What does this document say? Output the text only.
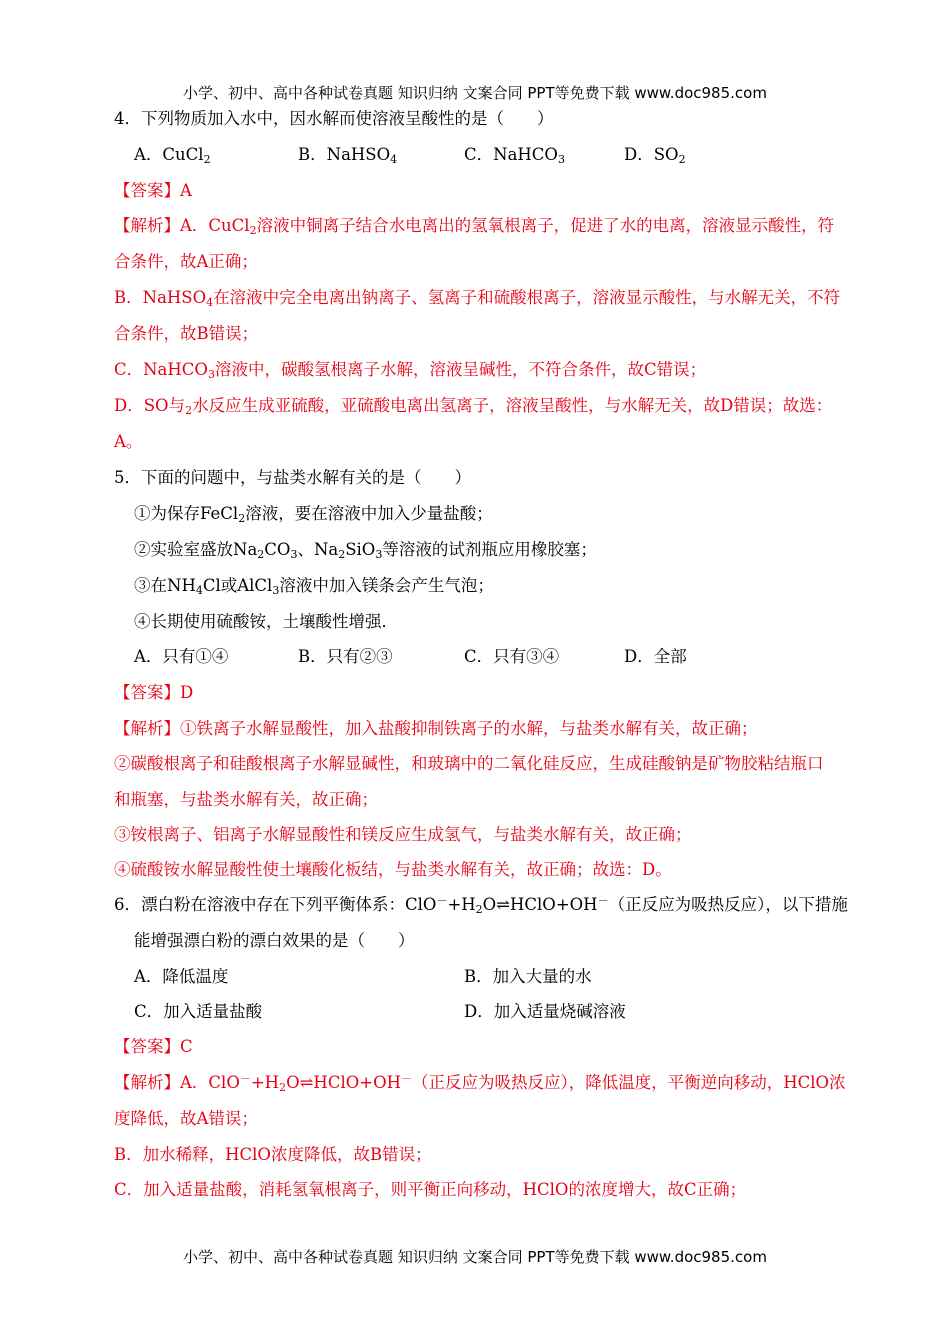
小学、初中、高中各种试卷真题 知识归纳 文案合同 PPT等免费下载 www.doc985.com
4．下列物质加入水中，因水解而使溶液呈酸性的是（　　）
A．CuCl$_2$	B．NaHSO$_4$	C．NaHCO$_3$	D．$SO_2$
【答案】A
【解析】A．CuCl$_2$溶液中铜离子结合水电离出的氢氧根离子，促进了水的电离，溶液显示酸性，符
合条件，故A正确；
B．NaHSO$_4$在溶液中完全电离出钠离子、氢离子和硫酸根离子，溶液显示酸性，与水解无关，不符
合条件，故B错误；
C．NaHCO$_3$溶液中，碳酸氢根离子水解，溶液呈碱性，不符合条件，故C错误；
D．SO与$_2$水反应生成亚硫酸，亚硫酸电离出氢离子，溶液呈酸性，与水解无关，故D错误；故选：
A。
5．下面的问题中，与盐类水解有关的是（　　）
①为保存FeCl$_2$溶液，要在溶液中加入少量盐酸；
②实验室盛放$Na_2CO_3$、$Na_2SiO_3$等溶液的试剂瓶应用橡胶塞；
③在$NH_4Cl$或AlCl$_3$溶液中加入镁条会产生气泡；
④长期使用硫酸铵，土壤酸性增强．
A．只有①④	B．只有②③	C．只有③④	D．全部
【答案】D
【解析】①铁离子水解显酸性，加入盐酸抑制铁离子的水解，与盐类水解有关，故正确；
②碳酸根离子和硅酸根离子水解显碱性，和玻璃中的二氧化硅反应，生成硅酸钠是矿物胶粘结瓶口
和瓶塞，与盐类水解有关，故正确；
③铵根离子、铝离子水解显酸性和镁反应生成氢气，与盐类水解有关，故正确；
④硫酸铵水解显酸性使土壤酸化板结，与盐类水解有关，故正确；故选：D。
6．漂白粉在溶液中存在下列平衡体系：$ClO^-+H_2O\rightleftharpoons HClO+OH^-$（正反应为吸热反应），以下措施
能增强漂白粉的漂白效果的是（　　）
A．降低温度	B．加入大量的水
C．加入适量盐酸	D．加入适量烧碱溶液
【答案】C
【解析】A．$ClO^-+H_2O\rightleftharpoons HClO+OH^-$（正反应为吸热反应），降低温度，平衡逆向移动，HClO浓
度降低，故A错误；
B．加水稀释，HClO浓度降低，故B错误；
C．加入适量盐酸，消耗氢氧根离子，则平衡正向移动，HClO的浓度增大，故C正确；
小学、初中、高中各种试卷真题 知识归纳 文案合同 PPT等免费下载 www.doc985.com
